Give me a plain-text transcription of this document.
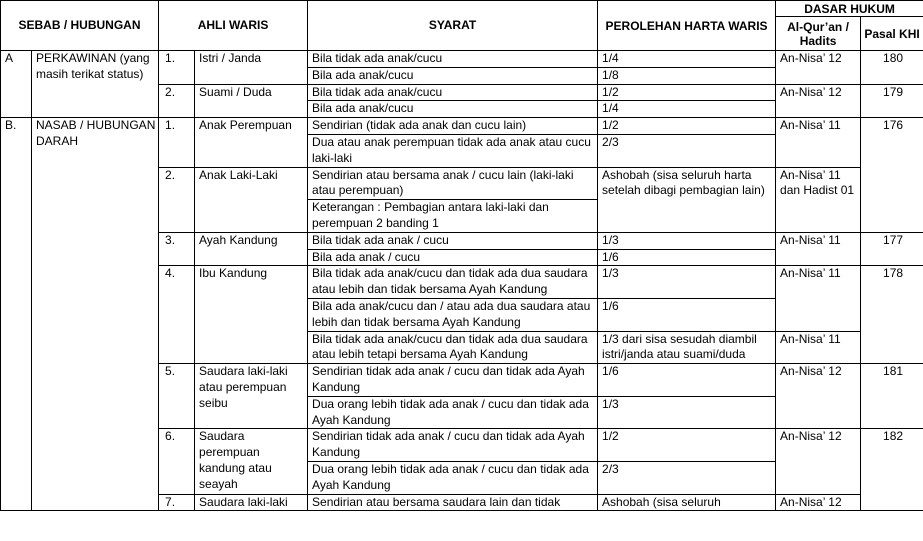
SEBAB / HUBUNGAN		AHLI WARIS		SYARAT	PEROLEHAN HARTA WARIS	DASAR HUKUM	
						Al-Qur’an / Hadits	Pasal KHI
A	PERKAWINAN (yang masih terikat status)	1.	Istri / Janda	Bila tidak ada anak/cucu	1/4	An-Nisa’ 12	180
				Bila ada anak/cucu	1/8		
		2.	Suami / Duda	Bila tidak ada anak/cucu	1/2	An-Nisa’ 12	179
				Bila ada anak/cucu	1/4		
B.	NASAB / HUBUNGAN DARAH	1.	Anak Perempuan	Sendirian (tidak ada anak dan cucu lain)	1/2	An-Nisa’ 11	176
				Dua atau anak perempuan tidak ada anak atau cucu laki-laki	2/3		
		2.	Anak Laki-Laki	Sendirian atau bersama anak / cucu lain (laki-laki atau perempuan)	Ashobah (sisa seluruh harta setelah dibagi pembagian lain)	An-Nisa’ 11 dan Hadist 01	
				Keterangan : Pembagian antara laki-laki dan perempuan 2 banding 1			
		3.	Ayah Kandung	Bila tidak ada anak / cucu	1/3	An-Nisa’ 11	177
				Bila ada anak / cucu	1/6		
		4.	Ibu Kandung	Bila tidak ada anak/cucu dan tidak ada dua saudara atau lebih dan tidak bersama Ayah Kandung	1/3	An-Nisa’ 11	178
				Bila ada anak/cucu dan / atau ada dua saudara atau lebih dan tidak bersama Ayah Kandung	1/6		
				Bila tidak ada anak/cucu dan tidak ada dua saudara atau lebih tetapi bersama Ayah Kandung	1/3 dari sisa sesudah diambil istri/janda atau suami/duda	An-Nisa’ 11	
		5.	Saudara laki-laki atau perempuan seibu	Sendirian tidak ada anak / cucu dan tidak ada Ayah Kandung	1/6	An-Nisa’ 12	181
				Dua orang lebih tidak ada anak / cucu dan tidak ada Ayah Kandung	1/3		
		6.	Saudara perempuan kandung atau seayah	Sendirian tidak ada anak / cucu dan tidak ada Ayah Kandung	1/2	An-Nisa’ 12	182
				Dua orang lebih tidak ada anak / cucu dan tidak ada Ayah Kandung	2/3		
		7.	Saudara laki-laki	Sendirian atau bersama saudara lain dan tidak	Ashobah (sisa seluruh	An-Nisa’ 12	
